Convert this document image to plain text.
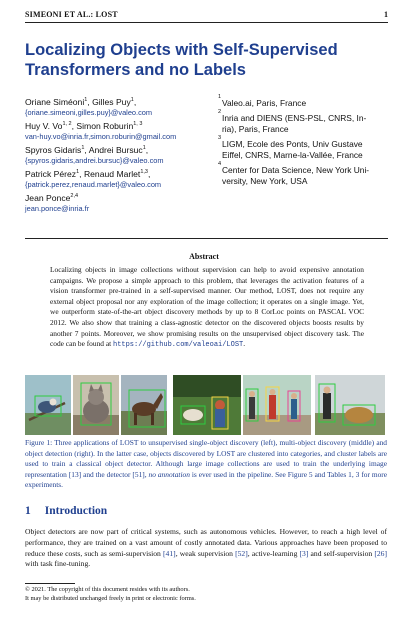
SIMEONI ET AL.: LOST	1
Localizing Objects with Self-Supervised Transformers and no Labels
Oriane Siméoni$^1$, Gilles Puy$^1$,
{oriane.simeoni,gilles.puy}@valeo.com
Huy V. Vo$^{1, 2}$, Simon Roburin$^{1, 3}$
van-huy.vo@inria.fr,simon.roburin@gmail.com
Spyros Gidaris$^1$, Andrei Bursuc$^1$,
{spyros.gidaris,andrei.bursuc}@valeo.com
Patrick Pérez$^1$, Renaud Marlet$^{1,3}$,
{patrick.perez,renaud.marlet}@valeo.com
Jean Ponce$^{2,4}$
jean.ponce@inria.fr
1
Valeo.ai, Paris, France
2
Inria and DIENS (ENS-PSL, CNRS, In-
ria), Paris, France
3
LIGM, Ecole des Ponts, Univ Gustave
Eiffel, CNRS, Marne-la-Vallée, France
4
Center for Data Science, New York Uni-
versity, New York, USA
Abstract
Localizing objects in image collections without supervision can help to avoid expensive annotation campaigns. We propose a simple approach to this problem, that leverages the activation features of a vision transformer pre-trained in a self-supervised manner. Our method, LOST, does not require any external object proposal nor any exploration of the image collection; it operates on a single image. Yet, we outperform state-of-the-art object discovery methods by up to 8 CorLoc points on PASCAL VOC 2012. We also show that training a class-agnostic detector on the discovered objects boosts results by another 7 points. Moreover, we show promising results on the unsupervised object discovery task. The code can be found at https://github.com/valeoai/LOST.
Figure 1: Three applications of LOST to unsupervised single-object discovery (left), multi-object discovery (middle) and object detection (right). In the latter case, objects discovered by LOST are clustered into categories, and cluster labels are used to train a classical object detector. Although large image collections are used to train the underlying image representation [13] and the detector [51], no annotation is ever used in the pipeline. See Figure 5 and Tables 1, 3 for more experiments.
1 Introduction
Object detectors are now part of critical systems, such as autonomous vehicles. However, to reach a high level of performance, they are trained on a vast amount of costly annotated data. Various approaches have been proposed to reduce these costs, such as semi-supervision [41], weak supervision [52], active-learning [3] and self-supervision [26] with task fine-tuning.
© 2021. The copyright of this document resides with its authors.
It may be distributed unchanged freely in print or electronic forms.
